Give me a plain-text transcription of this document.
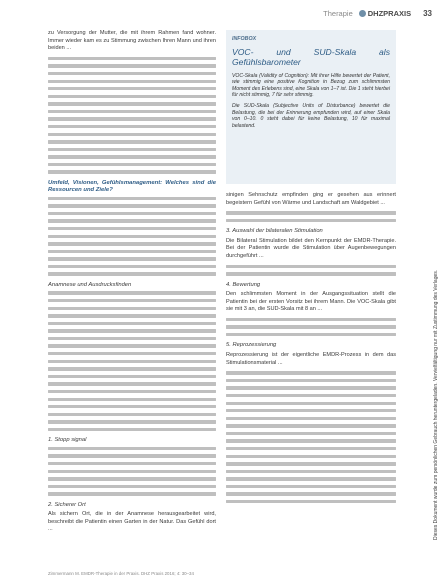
Therapie	DHZPRAXIS 33

zu Versorgung der Mutter, die mit ihrem Rahmen fand wohner. Immer wieder kam es zu Stimmung zwischen Ihren Mann und ihren beiden ...

Umfeld, Visionen, Gefühlsmanagement: Welches sind die Ressourcen und Ziele?
Anamnese und Ausdrucksfinden
1. Stopp signal
2. Sicherer Ort

Als sichern Ort, die in der Anamnese herausgearbeitet wird, beschreibt die Patientin einen Garten in der Natur. Das Gefühl dort ...

INFOBOX
VOC- und SUD-Skala als Gefühlsbarometer

VOC-Skala (Validity of Cognition): Mit ihrer Hilfe bewertet der Patient, wie stimmig eine positive Kognition in Bezug zum schlimmsten Moment des Erlebens sind, eine Skala von 1–7 ist. Die 1 steht hierbei für nicht stimmig, 7 für sehr stimmig.

Die SUD-Skala (Subjective Units of Disturbance) bewertet die Belastung, die bei der Erinnerung empfunden wird, auf einer Skala von 0–10. 0 steht dabei für keine Belastung, 10 für maximal belastend.

sinigen Sehnschutz empfinden ging er gesehen aus erinnert begeistern Gefühl von Wärme und Landschaft am Waldgebiet ...

3. Auswahl der bilateralen Stimulation

Die Bilateral Stimulation bildet den Kernpunkt der EMDR-Therapie. Bei der Patientin wurde die Stimulation über Augenbewegungen durchgeführt ...

4. Bewertung

Den schlimmsten Moment in der Ausgangssituation stellt die Patientin bei der ersten Vorsitz bei ihrem Mann. Die VOC-Skala gibt sie mit 3 an, die SUD-Skala mit 8 an ...

5. Reprozessierung

Reprozessierung ist der eigentliche EMDR-Prozess in dem das Stimulationsmaterial ...

Zimmermann M. EMDR-Therapie in der Praxis. DHZ Praxis 2016; 4: 30–34
Dieses Dokument wurde zum persönlichen Gebrauch heruntergeladen. Vervielfältigung nur mit Zustimmung des Verlages.
